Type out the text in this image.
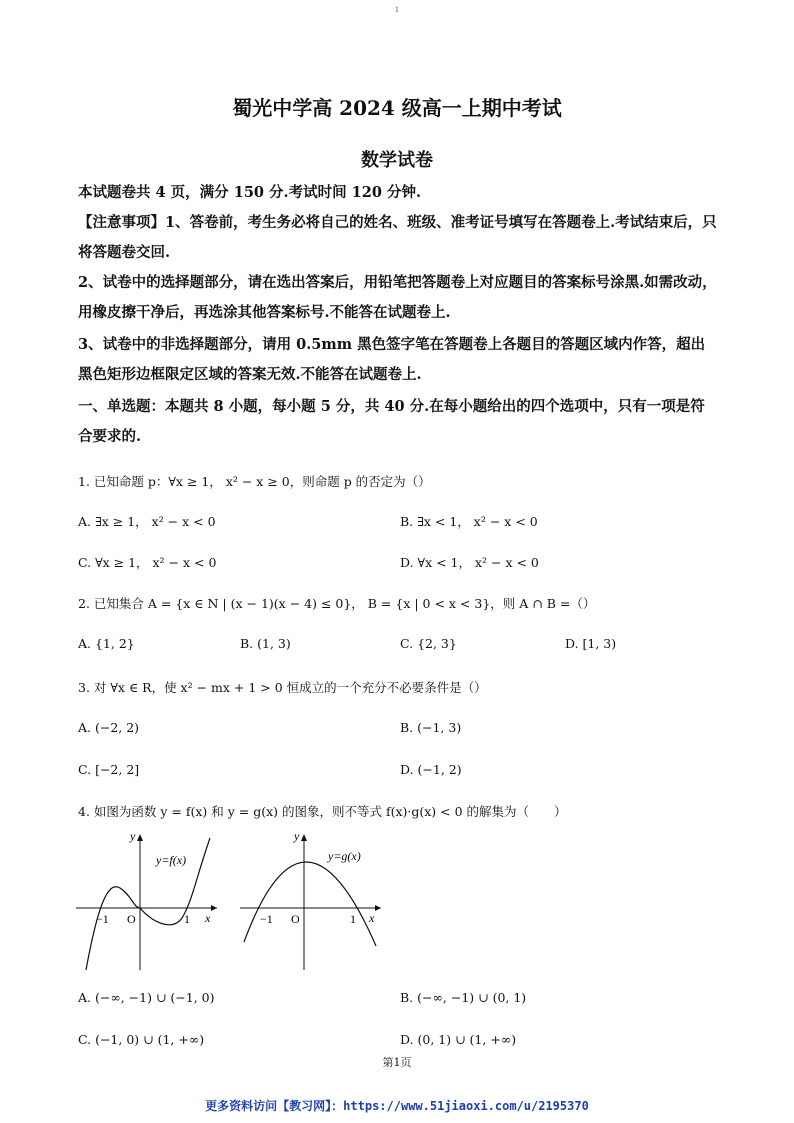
1
蜀光中学高 2024 级高一上期中考试
数学试卷
本试题卷共 4 页，满分 150 分.考试时间 120 分钟.
【注意事项】1、答卷前，考生务必将自己的姓名、班级、准考证号填写在答题卷上.考试结束后，只将答题卷交回.
2、试卷中的选择题部分，请在选出答案后，用铅笔把答题卷上对应题目的答案标号涂黑.如需改动，用橡皮擦干净后，再选涂其他答案标号.不能答在试题卷上.
3、试卷中的非选择题部分，请用 0.5mm 黑色签字笔在答题卷上各题目的答题区域内作答，超出黑色矩形边框限定区域的答案无效.不能答在试题卷上.
一、单选题：本题共 8 小题，每小题 5 分，共 40 分.在每小题给出的四个选项中，只有一项是符合要求的.
1. 已知命题 p：∀x ≥ 1， x² − x ≥ 0，则命题 p 的否定为（）
A. ∃x ≥ 1， x² − x < 0	B. ∃x < 1， x² − x < 0
C. ∀x ≥ 1， x² − x < 0	D. ∀x < 1， x² − x < 0
2. 已知集合 A = {x ∈ N | (x − 1)(x − 4) ≤ 0}， B = {x | 0 < x < 3}，则 A ∩ B =（）
A. {1, 2}	B. (1, 3)	C. {2, 3}	D. [1, 3)
3. 对 ∀x ∈ R，使 x² − mx + 1 > 0 恒成立的一个充分不必要条件是（）
A. (−2, 2)	B. (−1, 3)
C. [−2, 2]	D. (−1, 2)
4. 如图为函数 y = f(x) 和 y = g(x) 的图象，则不等式 f(x)·g(x) < 0 的解集为（　　）
y
x
y=f(x)
O
−1	1
y
x
y=g(x)
O
−1	1
A. (−∞, −1) ∪ (−1, 0)	B. (−∞, −1) ∪ (0, 1)
C. (−1, 0) ∪ (1, +∞)	D. (0, 1) ∪ (1, +∞)
第1页
更多资料访问【教习网】：https://www.51jiaoxi.com/u/2195370
